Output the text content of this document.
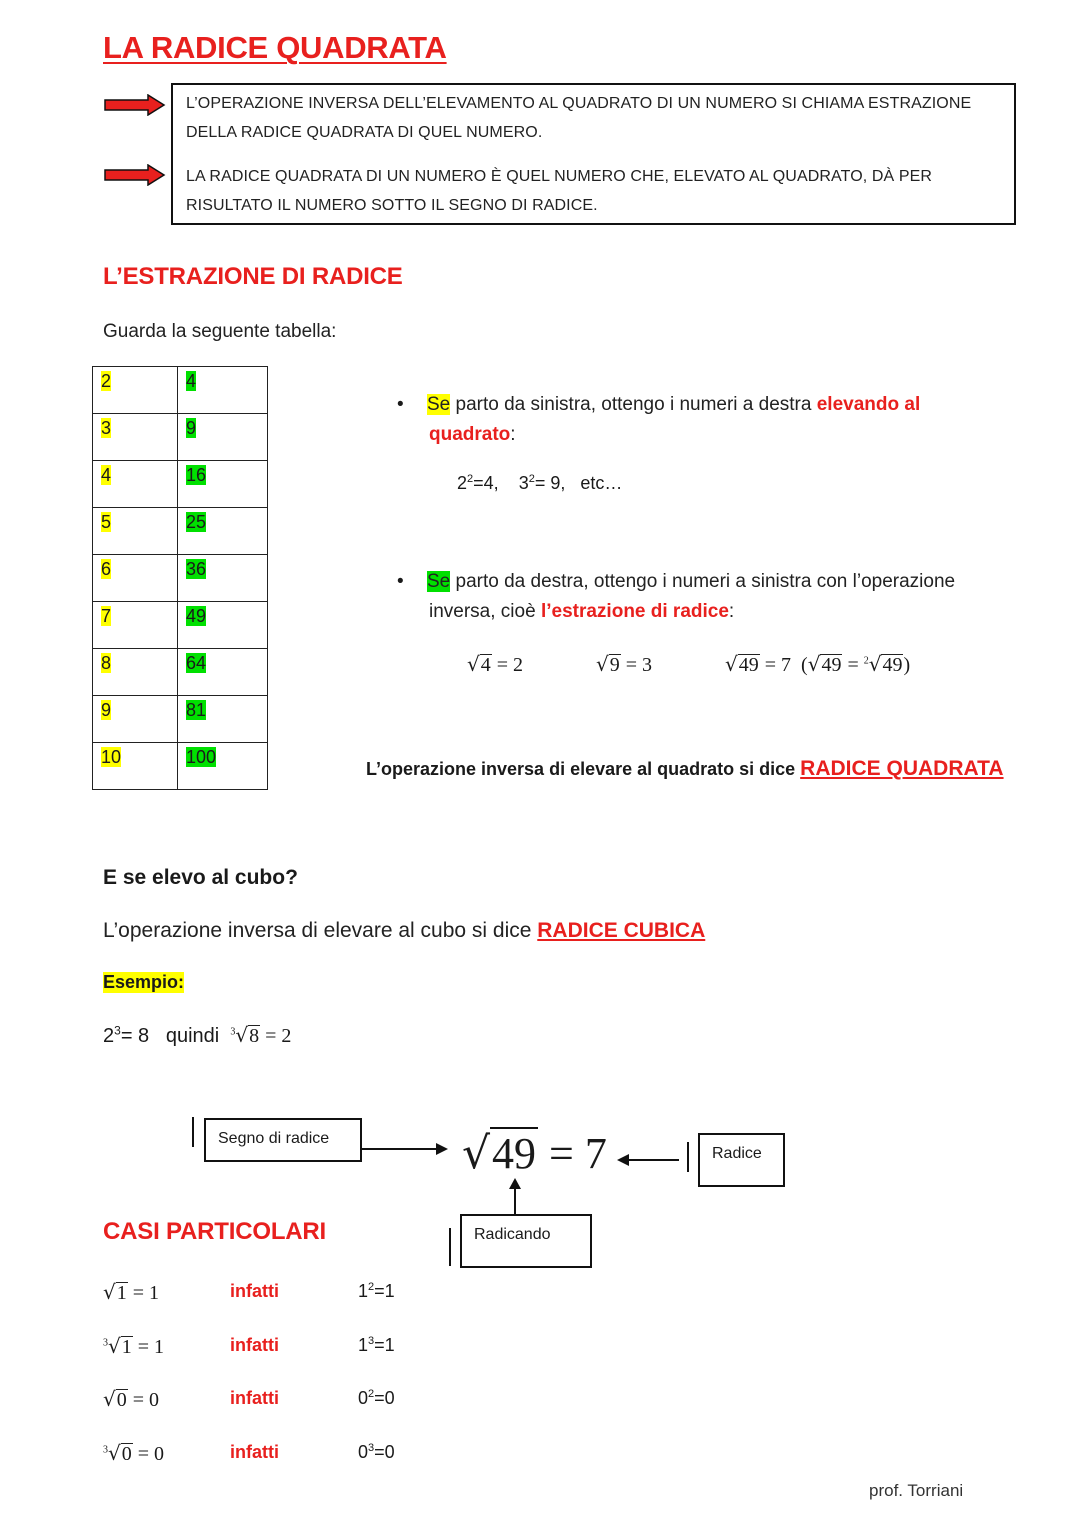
LA RADICE QUADRATA
L’OPERAZIONE INVERSA DELL’ELEVAMENTO AL QUADRATO DI UN NUMERO SI CHIAMA ESTRAZIONE DELLA RADICE QUADRATA DI QUEL NUMERO.
LA RADICE QUADRATA DI UN NUMERO È QUEL NUMERO CHE, ELEVATO AL QUADRATO, DÀ PER RISULTATO IL NUMERO SOTTO IL SEGNO DI RADICE.
L’ESTRAZIONE DI RADICE
Guarda la seguente tabella:
2	4
3	9
4	16
5	25
6	36
7	49
8	64
9	81
10	100
• Se parto da sinistra, ottengo i numeri a destra elevando al
quadrato:
$2^2=4$, $3^2= 9$, etc…
• Se parto da destra, ottengo i numeri a sinistra con l’operazione
inversa, cioè l’estrazione di radice:
√4 = 2	√9 = 3	√49 = 7 (√49 = $^2$√49)
L’operazione inversa di elevare al quadrato si dice RADICE QUADRATA
E se elevo al cubo?
L’operazione inversa di elevare al cubo si dice RADICE CUBICA
Esempio:
$2^3= 8$ quindi $^3$√8 = 2
Segno di radice	√49 = 7	Radice
Radicando
CASI PARTICOLARI
√1 = 1	infatti	$1^2=1$
$^3$√1 = 1	infatti	$1^3=1$
√0 = 0	infatti	$0^2=0$
$^3$√0 = 0	infatti	$0^3=0$
prof. Torriani
